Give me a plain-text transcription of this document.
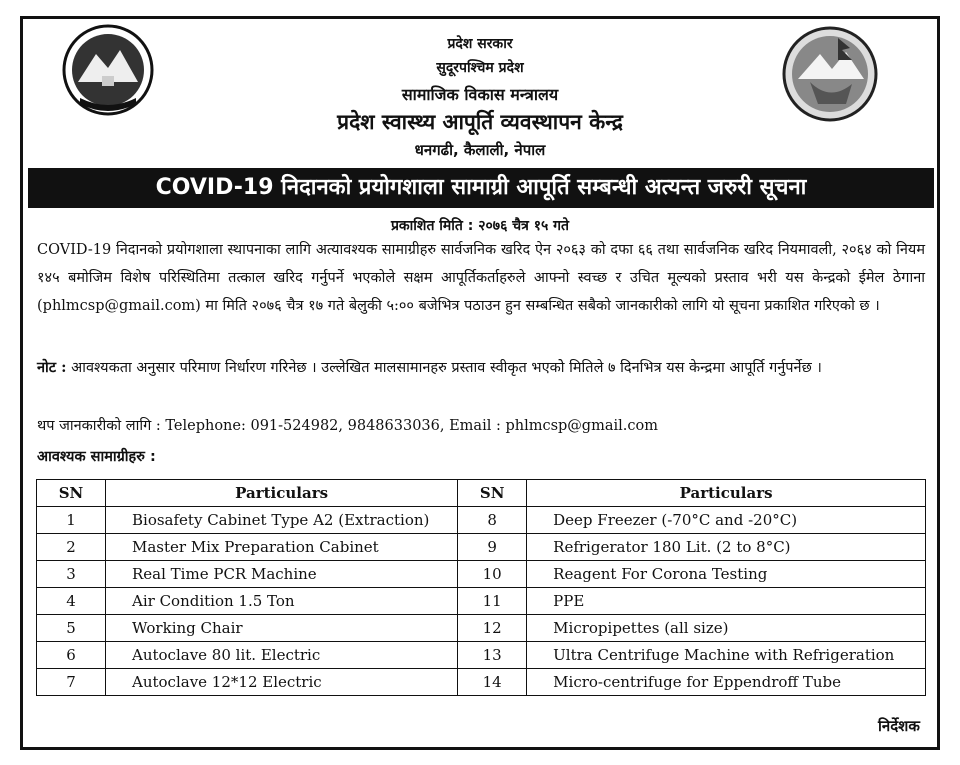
प्रदेश सरकार
सुदूरपश्चिम प्रदेश
सामाजिक विकास मन्त्रालय
प्रदेश स्वास्थ्य आपूर्ति व्यवस्थापन केन्द्र
धनगढी, कैलाली, नेपाल
COVID-19 निदानको प्रयोगशाला सामाग्री आपूर्ति सम्बन्धी अत्यन्त जरुरी सूचना
प्रकाशित मिति : २०७६ चैत्र १५ गते
COVID-19 निदानको प्रयोगशाला स्थापनाका लागि अत्यावश्यक सामाग्रीहरु सार्वजनिक खरिद ऐन २०६३ को दफा ६६ तथा सार्वजनिक खरिद नियमावली, २०६४ को नियम १४५ बमोजिम विशेष परिस्थितिमा तत्काल खरिद गर्नुपर्ने भएकोले सक्षम आपूर्तिकर्ताहरुले आफ्नो स्वच्छ र उचित मूल्यको प्रस्ताव भरी यस केन्द्रको ईमेल ठेगाना (phlmcsp@gmail.com) मा मिति २०७६ चैत्र १७ गते बेलुकी ५:०० बजेभित्र पठाउन हुन सम्बन्धित सबैको जानकारीको लागि यो सूचना प्रकाशित गरिएको छ ।
नोट : आवश्यकता अनुसार परिमाण निर्धारण गरिनेछ । उल्लेखित मालसामानहरु प्रस्ताव स्वीकृत भएकोे मितिले ७ दिनभित्र यस केन्द्रमा आपूर्ति गर्नुपर्नेछ ।
थप जानकारीको लागि : Telephone: 091-524982, 9848633036, Email : phlmcsp@gmail.com
आवश्यक सामाग्रीहरु :
SN	Particulars	SN	Particulars
1	Biosafety Cabinet Type A2 (Extraction)	8	Deep Freezer (-70°C and -20°C)
2	Master Mix Preparation Cabinet	9	Refrigerator 180 Lit. (2 to 8°C)
3	Real Time PCR Machine	10	Reagent For Corona Testing
4	Air Condition 1.5 Ton	11	PPE
5	Working Chair	12	Micropipettes (all size)
6	Autoclave 80 lit. Electric	13	Ultra Centrifuge Machine with Refrigeration
7	Autoclave 12*12 Electric	14	Micro-centrifuge for Eppendroff Tube
निर्देशक
